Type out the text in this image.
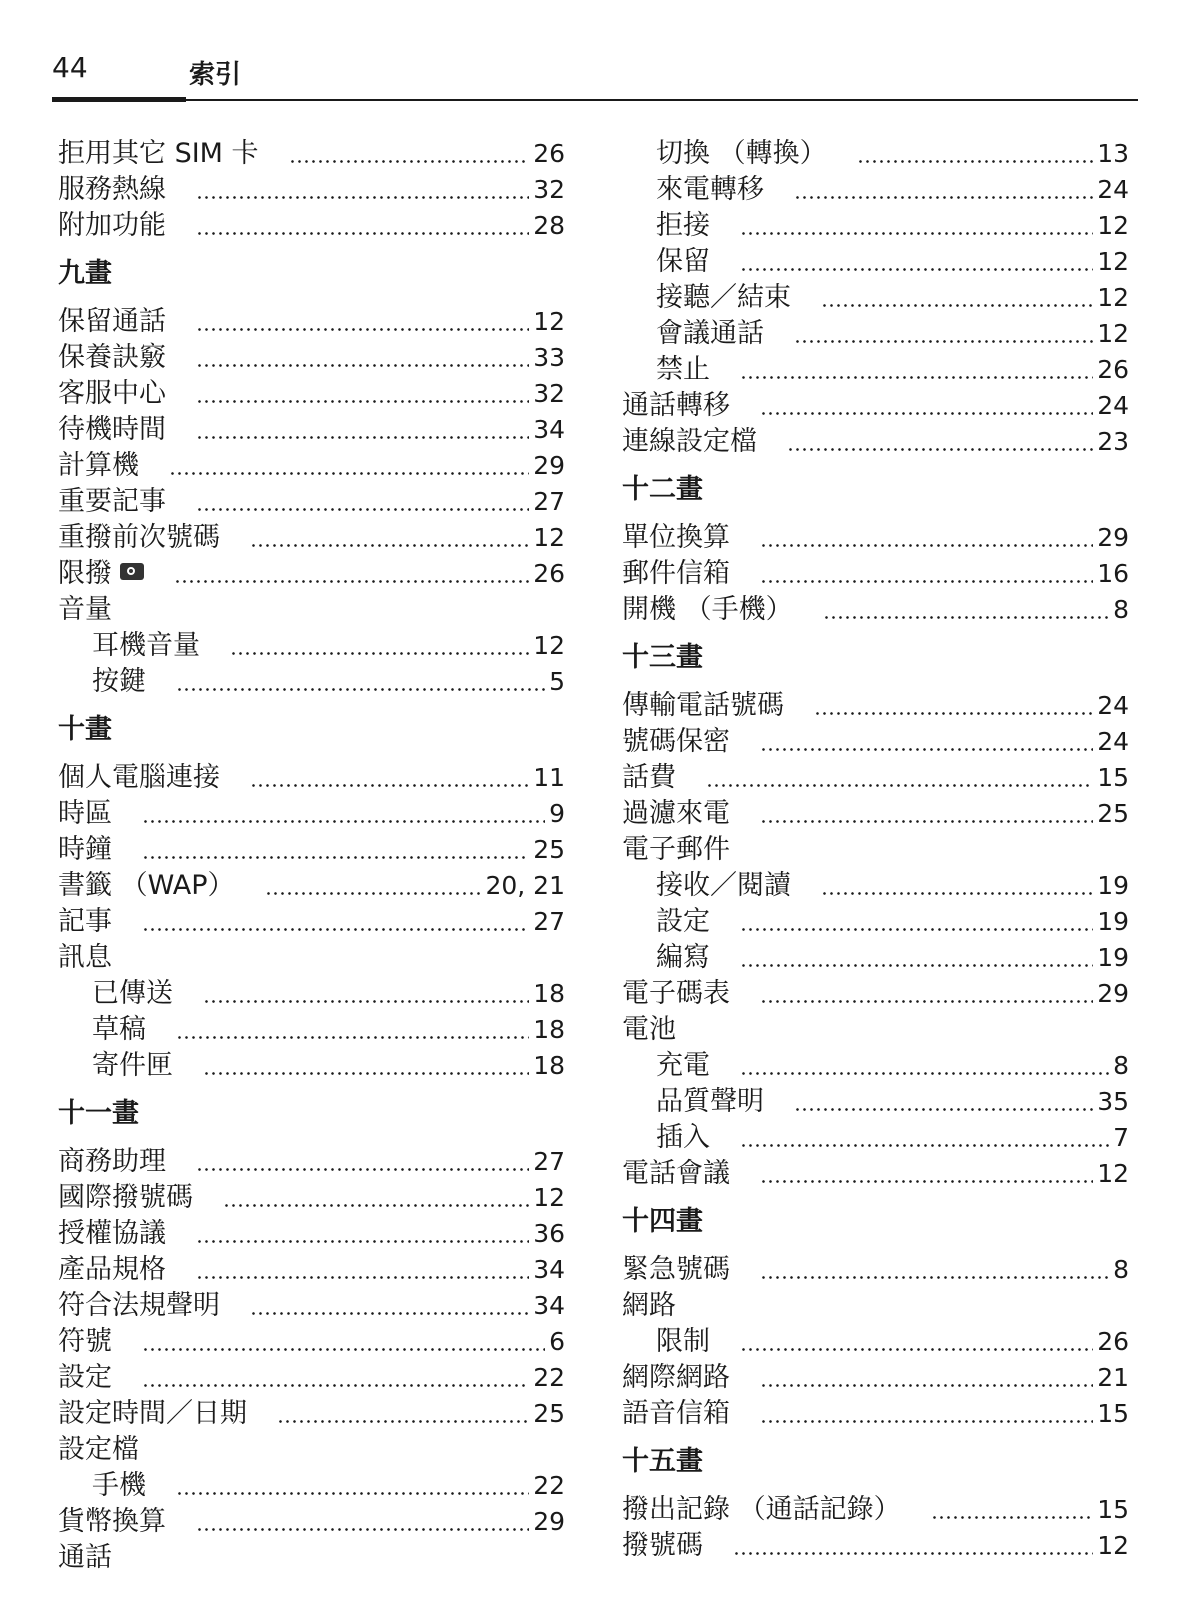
44	索引
拒用其它 SIM 卡	26
服務熱線	32
附加功能	28
九畫
保留通話	12
保養訣竅	33
客服中心	32
待機時間	34
計算機	29
重要記事	27
重撥前次號碼	12
限撥	26
音量
耳機音量	12
按鍵	5
十畫
個人電腦連接	11
時區	9
時鐘	25
書籤 （WAP）	20, 21
記事	27
訊息
已傳送	18
草稿	18
寄件匣	18
十一畫
商務助理	27
國際撥號碼	12
授權協議	36
產品規格	34
符合法規聲明	34
符號	6
設定	22
設定時間／日期	25
設定檔
手機	22
貨幣換算	29
通話
切換 （轉換）	13
來電轉移	24
拒接	12
保留	12
接聽／結束	12
會議通話	12
禁止	26
通話轉移	24
連線設定檔	23
十二畫
單位換算	29
郵件信箱	16
開機 （手機）	8
十三畫
傳輸電話號碼	24
號碼保密	24
話費	15
過濾來電	25
電子郵件
接收／閱讀	19
設定	19
編寫	19
電子碼表	29
電池
充電	8
品質聲明	35
插入	7
電話會議	12
十四畫
緊急號碼	8
網路
限制	26
網際網路	21
語音信箱	15
十五畫
撥出記錄 （通話記錄）	15
撥號碼	12
